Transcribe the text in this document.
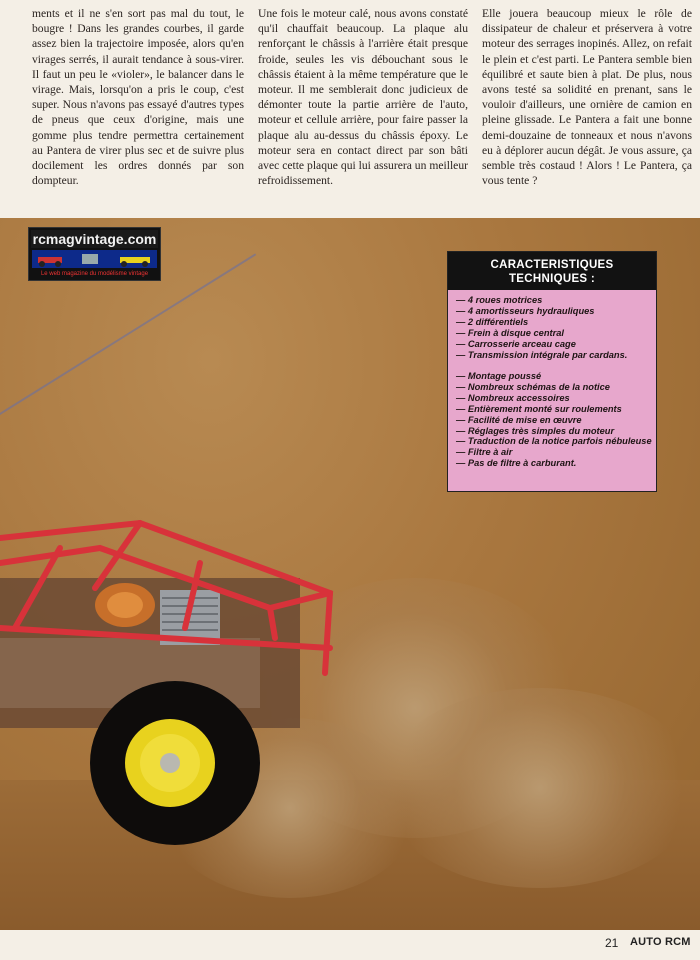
ments et il ne s'en sort pas mal du tout, le bougre ! Dans les grandes courbes, il garde assez bien la trajectoire imposée, alors qu'en virages serrés, il aurait tendance à sous-virer. Il faut un peu le «violer», le balancer dans le virage. Mais, lorsqu'on a pris le coup, c'est super. Nous n'avons pas essayé d'autres types de pneus que ceux d'origine, mais une gomme plus tendre permettra certainement au Pantera de virer plus sec et de suivre plus docilement les ordres donnés par son dompteur.

Une fois le moteur calé, nous avons constaté qu'il chauffait beaucoup. La plaque alu renforçant le châssis à l'arrière était presque froide, seules les vis débouchant sous le châssis étaient à la même température que le moteur. Il me semblerait donc judicieux de démonter toute la partie arrière de l'auto, moteur et cellule arrière, pour faire passer la plaque alu au-dessus du châssis époxy. Le moteur sera en contact direct par son bâti avec cette plaque qui lui assurera un meilleur refroidissement.

Elle jouera beaucoup mieux le rôle de dissipateur de chaleur et préservera à votre moteur des serrages inopinés. Allez, on refait le plein et c'est parti. Le Pantera semble bien équilibré et saute bien à plat. De plus, nous avons testé sa solidité en prenant, sans le vouloir d'ailleurs, une ornière de camion en pleine glissade. Le Pantera a fait une bonne demi-douzaine de tonneaux et nous n'avons eu à déplorer aucun dégât. Je vous assure, ça semble très costaud ! Alors ! Le Pantera, ça vous tente ?

rcmagvintage.com
Le web magazine du modélisme vintage
CARACTERISTIQUES
TECHNIQUES :
— 4 roues motrices
— 4 amortisseurs hydrauliques
— 2 différentiels
— Frein à disque central
— Carrosserie arceau cage
— Transmission intégrale par cardans.
— Montage poussé
— Nombreux schémas de la notice
— Nombreux accessoires
— Entièrement monté sur roulements
— Facilité de mise en œuvre
— Réglages très simples du moteur
— Traduction de la notice parfois nébuleuse
— Filtre à air
— Pas de filtre à carburant.
21 AUTO RCM
